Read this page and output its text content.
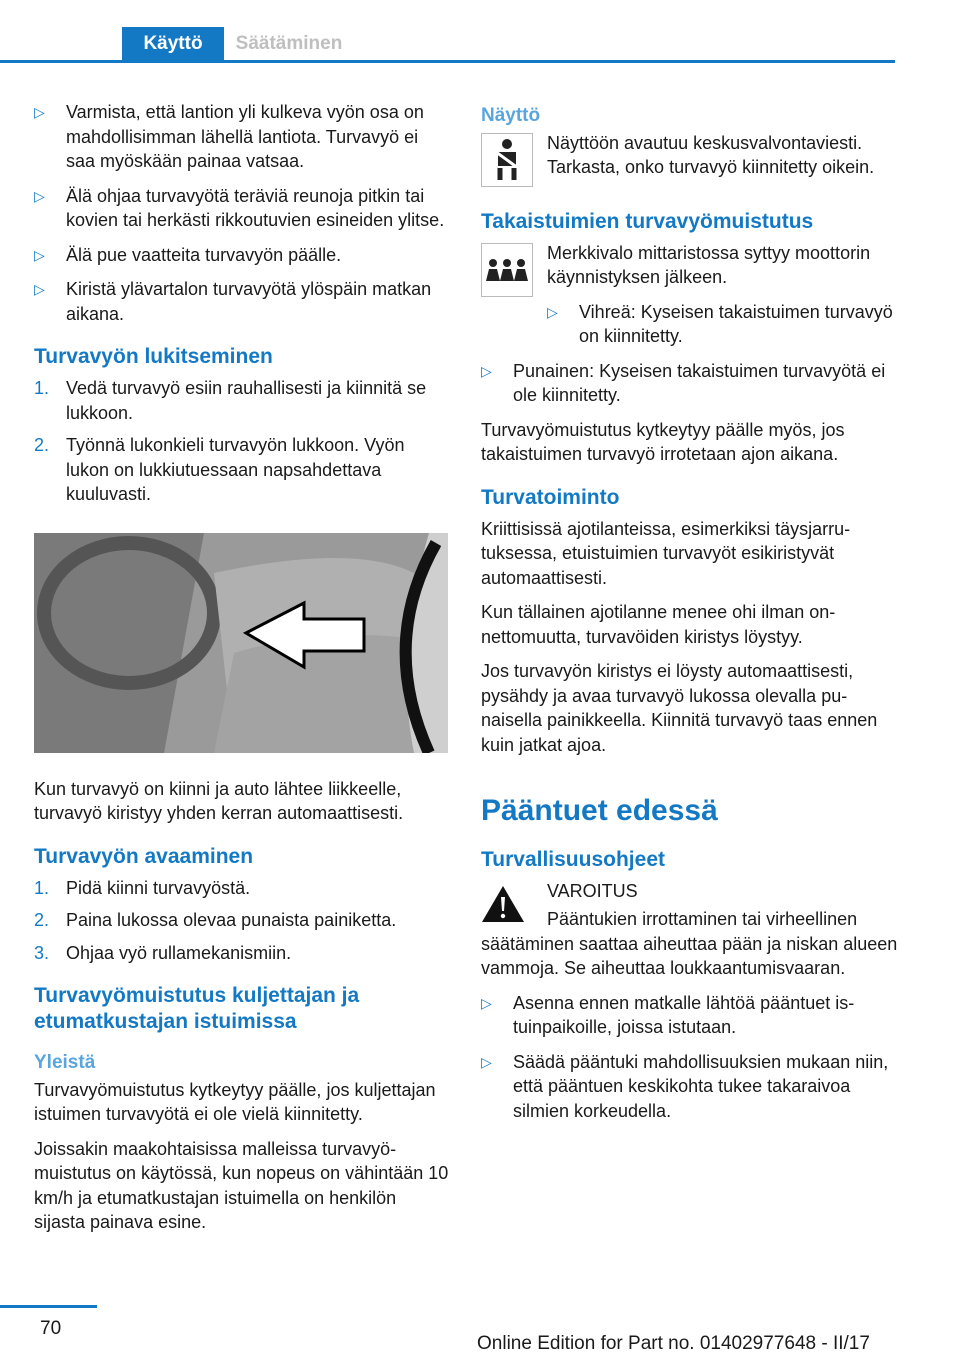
Käyttö	Säätäminen
▷ Varmista, että lantion yli kulkeva vyön osa on mahdollisimman lähellä lantiota. Turvavyö ei saa myöskään painaa vatsaa.
▷ Älä ohjaa turvavyötä teräviä reunoja pitkin tai kovien tai herkästi rikkoutuvien esineiden ylitse.
▷ Älä pue vaatteita turvavyön päälle.
▷ Kiristä ylävartalon turvavyötä ylöspäin matkan aikana.
Turvavyön lukitseminen
1. Vedä turvavyö esiin rauhallisesti ja kiinnitä se lukkoon.
2. Työnnä lukonkieli turvavyön lukkoon. Vyön lukon on lukkiutuessaan napsahdettava kuuluvasti.

Kun turvavyö on kiinni ja auto lähtee liikkeelle, turvavyö kiristyy yhden kerran automaattisesti.

Turvavyön avaaminen
1. Pidä kiinni turvavyöstä.
2. Paina lukossa olevaa punaista painiketta.
3. Ohjaa vyö rullamekanismiin.
Turvavyömuistutus kuljettajan ja etumatkustajan istuimissa
Yleistä

Turvavyömuistutus kytkeytyy päälle, jos kuljettajan istuimen turvavyötä ei ole vielä kiinnitetty.

Joissakin maakohtaisissa malleissa turvavyömuistutus on käytössä, kun nopeus on vähintään 10 km/h ja etumatkustajan istuimella on henkilön sijasta painava esine.

Näyttö
Näyttöön avautuu keskusvalvontaviesti. Tarkasta, onko turvavyö kiinnitetty oikein.
Takaistuimien turvavyömuistutus

Merkkivalo mittaristossa syttyy moottorin käynnistyksen jälkeen.

▷ Vihreä: Kyseisen takaistuimen turvavyö on kiinnitetty.
▷ Punainen: Kyseisen takaistuimen turvavyötä ei ole kiinnitetty.

Turvavyömuistutus kytkeytyy päälle myös, jos takaistuimen turvavyö irrotetaan ajon aikana.

Turvatoiminto

Kriittisissä ajotilanteissa, esimerkiksi täysjarrutuksessa, etuistuimien turvavyöt esikiristyvät automaattisesti.

Kun tällainen ajotilanne menee ohi ilman onnettomuutta, turvavöiden kiristys löystyy.

Jos turvavyön kiristys ei löysty automaattisesti, pysähdy ja avaa turvavyö lukossa olevalla punaisella painikkeella. Kiinnitä turvavyö taas ennen kuin jatkat ajoa.

Pääntuet edessä
Turvallisuusohjeet
VAROITUS

Pääntukien irrottaminen tai virheellinen säätäminen saattaa aiheuttaa pään ja niskan alueen vammoja. Se aiheuttaa loukkaantumisvaaran.

▷ Asenna ennen matkalle lähtöä pääntuet istuinpaikoille, joissa istutaan.
▷ Säädä pääntuki mahdollisuuksien mukaan niin, että pääntuen keskikohta tukee takaraivoa silmien korkeudella.
70
Online Edition for Part no. 01402977648 - II/17
